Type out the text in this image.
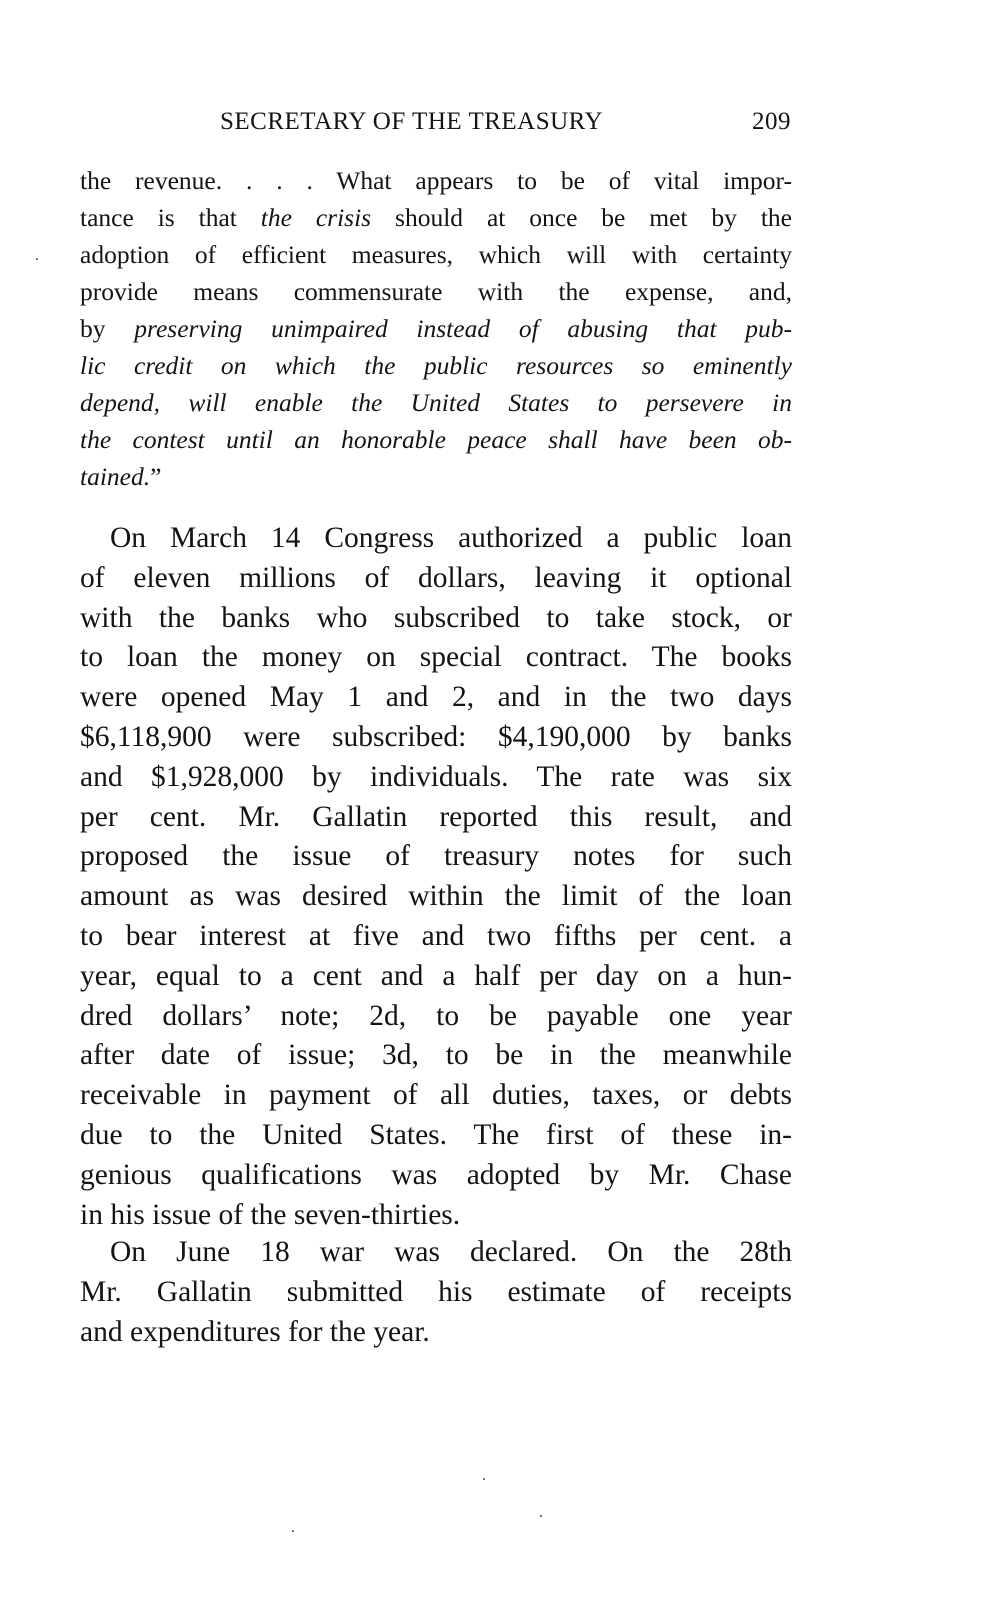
SECRETARY OF THE TREASURY	209
the revenue. . . . What appears to be of vital impor-
tance is that the crisis should at once be met by the
adoption of efficient measures, which will with certainty
provide means commensurate with the expense, and,
by preserving unimpaired instead of abusing that pub-
lic credit on which the public resources so eminently
depend, will enable the United States to persevere in
the contest until an honorable peace shall have been ob-
tained.”
On March 14 Congress authorized a public loan
of eleven millions of dollars, leaving it optional
with the banks who subscribed to take stock, or
to loan the money on special contract. The books
were opened May 1 and 2, and in the two days
$6,118,900 were subscribed: $4,190,000 by banks
and $1,928,000 by individuals. The rate was six
per cent. Mr. Gallatin reported this result, and
proposed the issue of treasury notes for such
amount as was desired within the limit of the loan
to bear interest at five and two fifths per cent. a
year, equal to a cent and a half per day on a hun-
dred dollars’ note; 2d, to be payable one year
after date of issue; 3d, to be in the meanwhile
receivable in payment of all duties, taxes, or debts
due to the United States. The first of these in-
genious qualifications was adopted by Mr. Chase
in his issue of the seven-thirties.
On June 18 war was declared. On the 28th
Mr. Gallatin submitted his estimate of receipts
and expenditures for the year.
